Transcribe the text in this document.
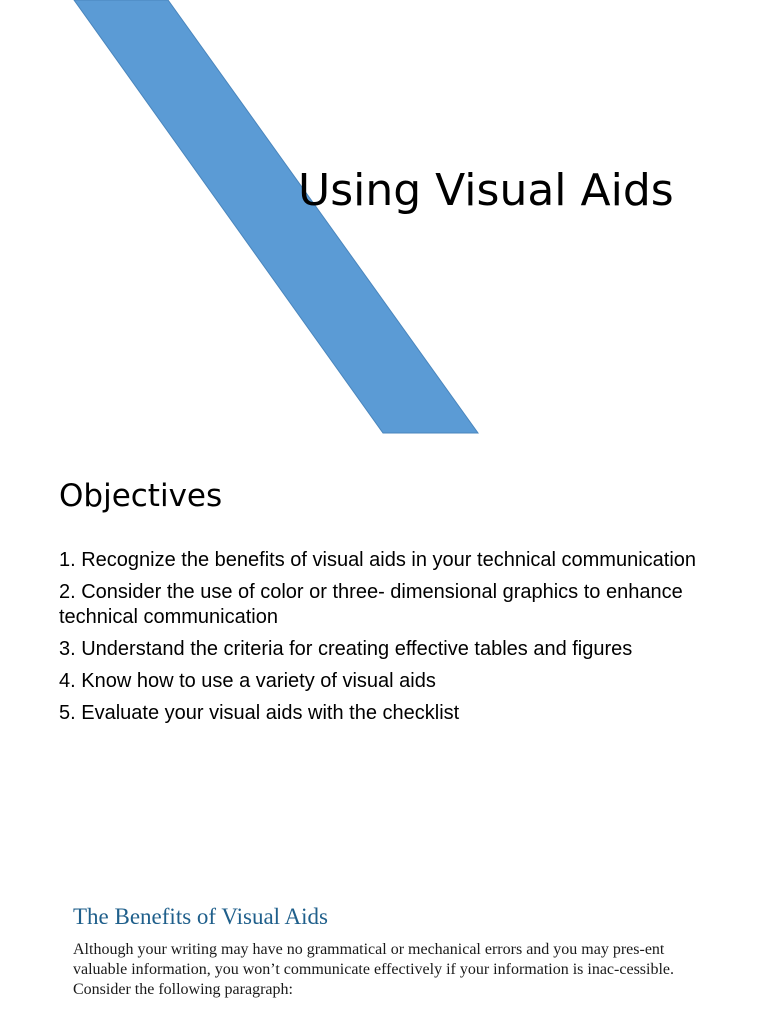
Using Visual Aids
Objectives
1. Recognize the benefits of visual aids in your technical communication
2. Consider the use of color or three- dimensional graphics to enhance technical communication
3. Understand the criteria for creating effective tables and figures
4. Know how to use a variety of visual aids
5. Evaluate your visual aids with the checklist
The Benefits of Visual Aids

Although your writing may have no grammatical or mechanical errors and you may pres-ent valuable information, you won’t communicate effectively if your information is inac-cessible. Consider the following paragraph:
